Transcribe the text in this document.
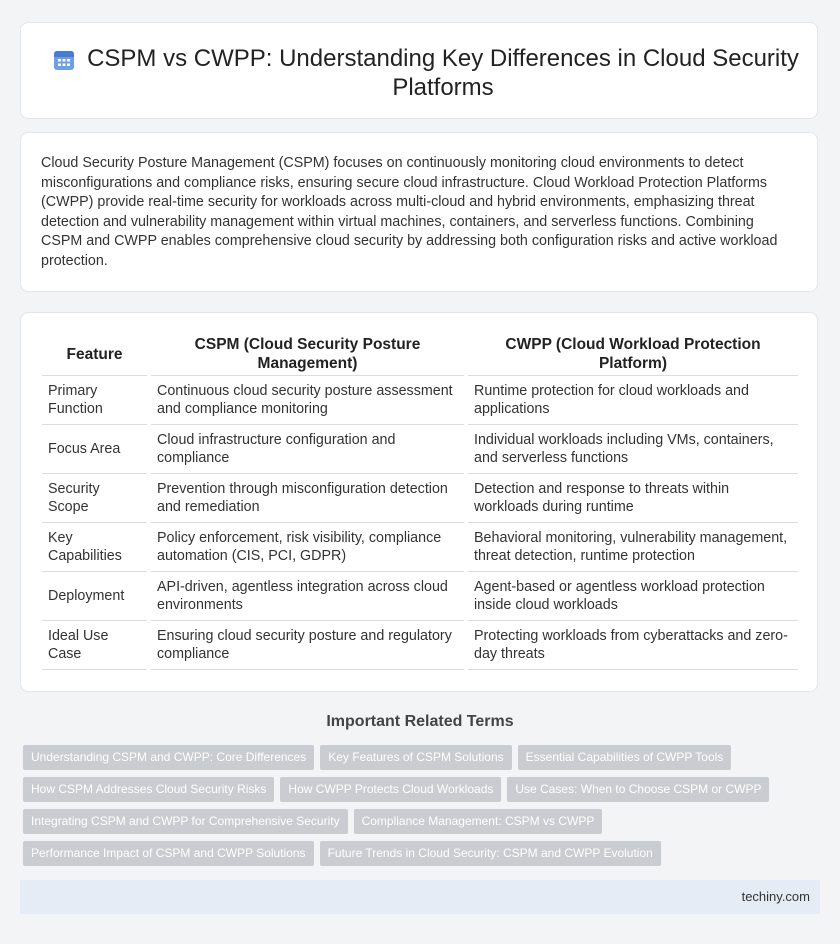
CSPM vs CWPP: Understanding Key Differences in Cloud Security Platforms

Cloud Security Posture Management (CSPM) focuses on continuously monitoring cloud environments to detect misconfigurations and compliance risks, ensuring secure cloud infrastructure. Cloud Workload Protection Platforms (CWPP) provide real-time security for workloads across multi-cloud and hybrid environments, emphasizing threat detection and vulnerability management within virtual machines, containers, and serverless functions. Combining CSPM and CWPP enables comprehensive cloud security by addressing both configuration risks and active workload protection.

Feature	CSPM (Cloud Security Posture Management)	CWPP (Cloud Workload Protection Platform)
Primary Function	Continuous cloud security posture assessment and compliance monitoring	Runtime protection for cloud workloads and applications
Focus Area	Cloud infrastructure configuration and compliance	Individual workloads including VMs, containers, and serverless functions
Security Scope	Prevention through misconfiguration detection and remediation	Detection and response to threats within workloads during runtime
Key Capabilities	Policy enforcement, risk visibility, compliance automation (CIS, PCI, GDPR)	Behavioral monitoring, vulnerability management, threat detection, runtime protection
Deployment	API-driven, agentless integration across cloud environments	Agent-based or agentless workload protection inside cloud workloads
Ideal Use Case	Ensuring cloud security posture and regulatory compliance	Protecting workloads from cyberattacks and zero-day threats
Important Related Terms
Understanding CSPM and CWPP: Core Differences	Key Features of CSPM Solutions	Essential Capabilities of CWPP Tools
How CSPM Addresses Cloud Security Risks	How CWPP Protects Cloud Workloads	Use Cases: When to Choose CSPM or CWPP
Integrating CSPM and CWPP for Comprehensive Security	Compliance Management: CSPM vs CWPP
Performance Impact of CSPM and CWPP Solutions	Future Trends in Cloud Security: CSPM and CWPP Evolution
techiny.com
